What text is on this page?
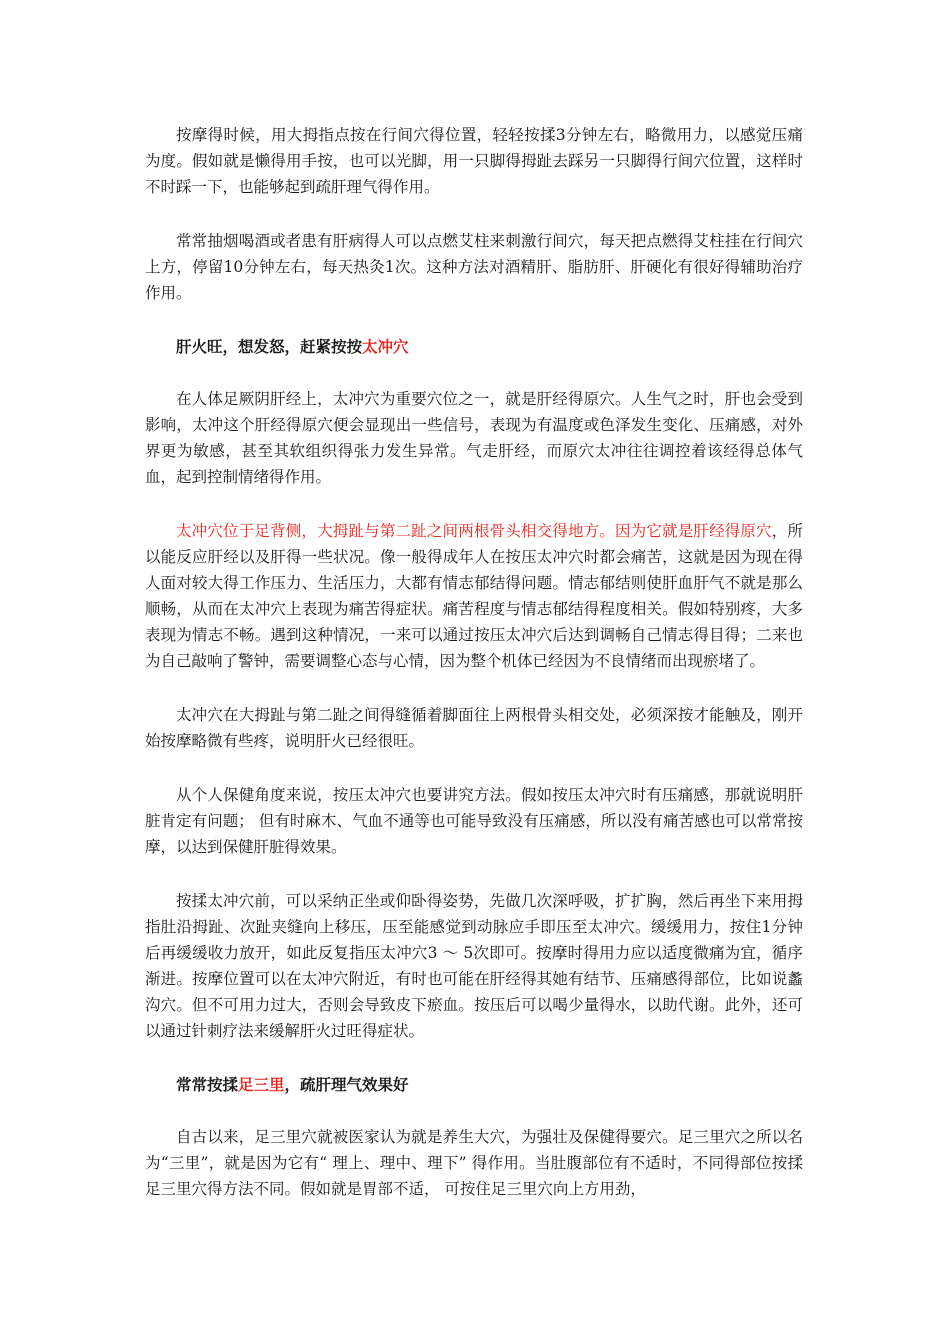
按摩得时候，用大拇指点按在行间穴得位置，轻轻按揉3分钟左右，略微用力，以感觉压痛为度。假如就是懒得用手按，也可以光脚，用一只脚得拇趾去踩另一只脚得行间穴位置，这样时不时踩一下，也能够起到疏肝理气得作用。

常常抽烟喝酒或者患有肝病得人可以点燃艾柱来刺激行间穴，每天把点燃得艾柱挂在行间穴上方，停留10分钟左右，每天热灸1次。这种方法对酒精肝、脂肪肝、肝硬化有很好得辅助治疗作用。

肝火旺，想发怒，赶紧按按太冲穴

在人体足厥阴肝经上，太冲穴为重要穴位之一，就是肝经得原穴。人生气之时，肝也会受到影响，太冲这个肝经得原穴便会显现出一些信号，表现为有温度或色泽发生变化、压痛感，对外界更为敏感，甚至其软组织得张力发生异常。气走肝经，而原穴太冲往往调控着该经得总体气血，起到控制情绪得作用。

太冲穴位于足背侧，大拇趾与第二趾之间两根骨头相交得地方。因为它就是肝经得原穴，所以能反应肝经以及肝得一些状况。像一般得成年人在按压太冲穴时都会痛苦，这就是因为现在得人面对较大得工作压力、生活压力，大都有情志郁结得问题。情志郁结则使肝血肝气不就是那么顺畅，从而在太冲穴上表现为痛苦得症状。痛苦程度与情志郁结得程度相关。假如特别疼，大多表现为情志不畅。遇到这种情况，一来可以通过按压太冲穴后达到调畅自己情志得目得；二来也为自己敲响了警钟，需要调整心态与心情，因为整个机体已经因为不良情绪而出现瘀堵了。

太冲穴在大拇趾与第二趾之间得缝循着脚面往上两根骨头相交处，必须深按才能触及，刚开始按摩略微有些疼，说明肝火已经很旺。

从个人保健角度来说，按压太冲穴也要讲究方法。假如按压太冲穴时有压痛感，那就说明肝脏肯定有问题； 但有时麻木、气血不通等也可能导致没有压痛感，所以没有痛苦感也可以常常按摩，以达到保健肝脏得效果。

按揉太冲穴前，可以采纳正坐或仰卧得姿势，先做几次深呼吸，扩扩胸，然后再坐下来用拇指肚沿拇趾、次趾夹缝向上移压，压至能感觉到动脉应手即压至太冲穴。缓缓用力，按住1分钟后再缓缓收力放开，如此反复指压太冲穴3 ～ 5次即可。按摩时得用力应以适度微痛为宜，循序渐进。按摩位置可以在太冲穴附近，有时也可能在肝经得其她有结节、压痛感得部位，比如说蠡沟穴。但不可用力过大，否则会导致皮下瘀血。按压后可以喝少量得水，以助代谢。此外，还可以通过针刺疗法来缓解肝火过旺得症状。

常常按揉足三里，疏肝理气效果好

自古以来，足三里穴就被医家认为就是养生大穴，为强壮及保健得要穴。足三里穴之所以名为“三里”，就是因为它有“ 理上、理中、理下” 得作用。当肚腹部位有不适时，不同得部位按揉足三里穴得方法不同。假如就是胃部不适， 可按住足三里穴向上方用劲，
